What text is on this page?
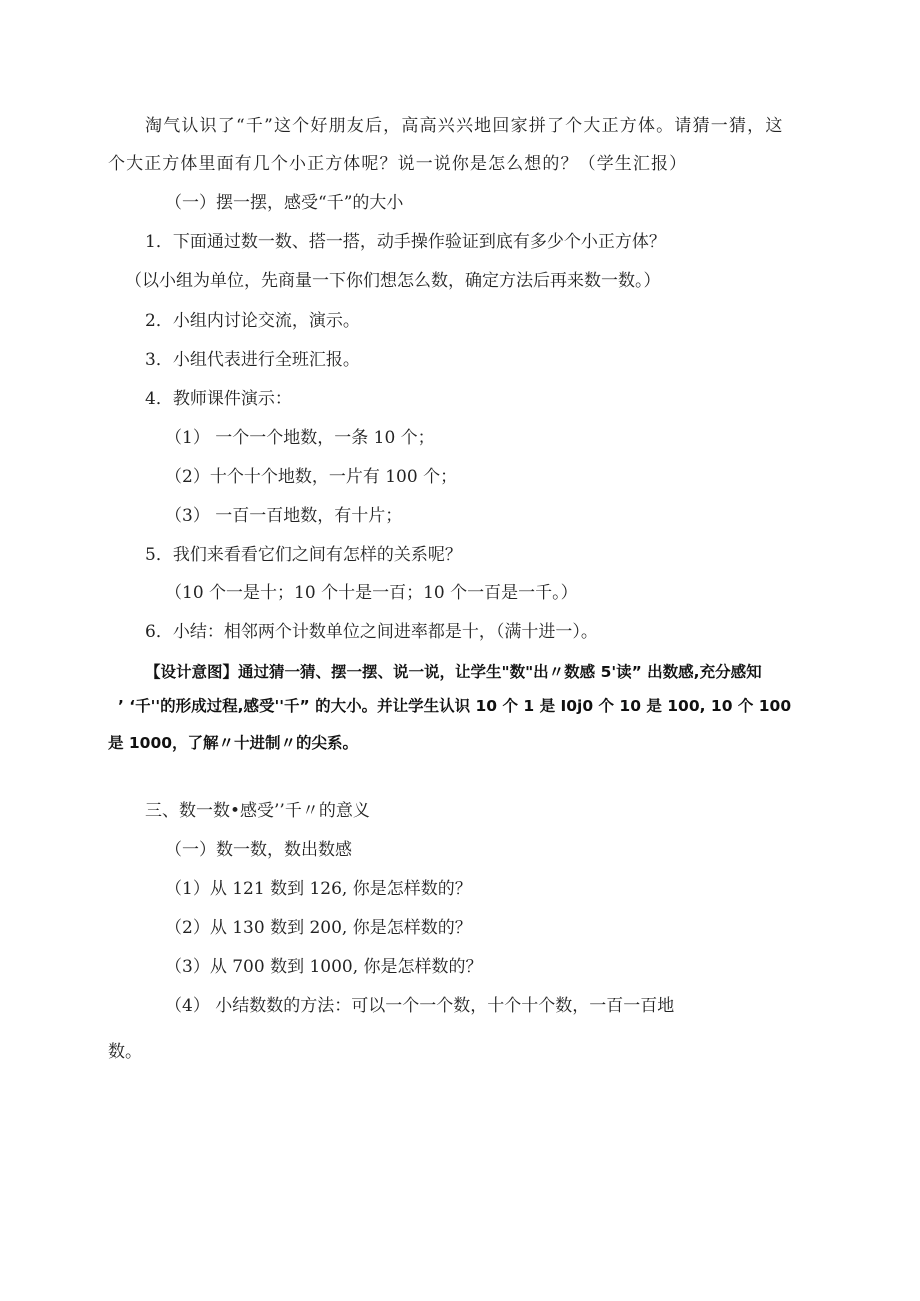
淘气认识了“千”这个好朋友后，高高兴兴地回家拼了个大正方体。请猜一猜，这
个大正方体里面有几个小正方体呢？说一说你是怎么想的？（学生汇报）
（一）摆一摆，感受“千”的大小
1．下面通过数一数、搭一搭，动手操作验证到底有多少个小正方体？
（以小组为单位，先商量一下你们想怎么数，确定方法后再来数一数。）
2．小组内讨论交流，演示。
3．小组代表进行全班汇报。
4．教师课件演示：
（1） 一个一个地数，一条 10 个；
（2）十个十个地数，一片有 100 个；
（3） 一百一百地数，有十片；
5．我们来看看它们之间有怎样的关系呢？
（10 个一是十；10 个十是一百；10 个一百是一千。）
6．小结：相邻两个计数单位之间进率都是十，（满十进一）。
【设计意图】通过猜一猜、摆一摆、说一说，让学生"数"出〃数感 5'读” 出数感,充分感知
’ ‘千''的形成过程,感受''千” 的大小。并让学生认识 10 个 1 是 I0j0 个 10 是 100, 10 个 100
是 1000，了解〃十进制〃的尖系。
三、数一数•感受’’千〃的意义
（一）数一数，数出数感
（1）从 121 数到 126, 你是怎样数的？
（2）从 130 数到 200, 你是怎样数的？
（3）从 700 数到 1000, 你是怎样数的？
（4） 小结数数的方法：可以一个一个数，十个十个数，一百一百地
数。
